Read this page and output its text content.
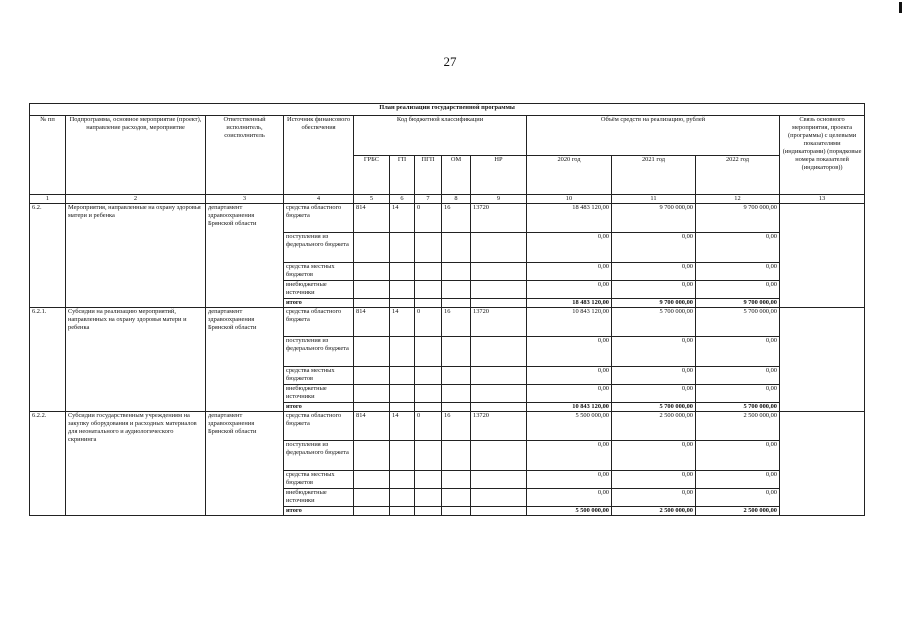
27
План реализации государственной программы												
№ пп	Подпрограмма, основное мероприятие (проект), направление расходов, мероприятие	Ответственный исполнитель, соисполнитель	Источник финансового обеспечения	Код бюджетной классификации					Объём средств на реализацию, рублей			Связь основного мероприятия, проекта (программы) с целевыми показателями (индикаторами) (порядковые номера показателей (индикаторов))
				ГРБС	ГП	ПГП	ОМ	НР	2020 год	2021 год	2022 год	
1	2	3	4	5	6	7	8	9	10	11	12	13
6.2.	Мероприятия, направленные на охрану здоровья матери и ребенка	департамент здравоохранения Брянской области	средства областного бюджета	814	14	0	16	13720	18 483 120,00	9 700 000,00	9 700 000,00	
			поступления из федерального бюджета						0,00	0,00	0,00	
			средства местных бюджетов						0,00	0,00	0,00	
			внебюджетные источники						0,00	0,00	0,00	
			итого						18 483 120,00	9 700 000,00	9 700 000,00	
6.2.1.	Субсидии на реализацию мероприятий, направленных на охрану здоровья матери и ребенка	департамент здравоохранения Брянской области	средства областного бюджета	814	14	0	16	13720	10 843 120,00	5 700 000,00	5 700 000,00	
			поступления из федерального бюджета						0,00	0,00	0,00	
			средства местных бюджетов						0,00	0,00	0,00	
			внебюджетные источники						0,00	0,00	0,00	
			итого						10 843 120,00	5 700 000,00	5 700 000,00	
6.2.2.	Субсидии государственным учреждениям на закупку оборудования и расходных материалов для неонатального и аудиологического скрининга	департамент здравоохранения Брянской области	средства областного бюджета	814	14	0	16	13720	5 500 000,00	2 500 000,00	2 500 000,00	
			поступления из федерального бюджета						0,00	0,00	0,00	
			средства местных бюджетов						0,00	0,00	0,00	
			внебюджетные источники						0,00	0,00	0,00	
			итого						5 500 000,00	2 500 000,00	2 500 000,00	
